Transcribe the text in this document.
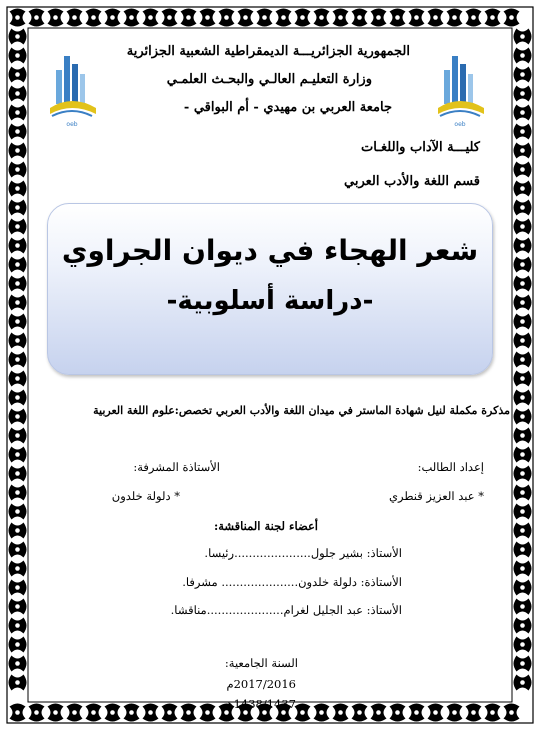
oeb	oeb
الجمهورية الجزائريـــة الديمقراطية الشعبية الجزائرية
وزارة التعليـم العالـي والبحـث العلمـي
جامعة العربي بن مهيدي - أم البواقي -
كليـــة الآداب واللغـات
قسم اللغة والأدب العربي
شعر الهجاء في ديوان الجراوي
-دراسة أسلوبية-
مذكرة مكملة لنيل شهادة الماستر في ميدان اللغة والأدب العربي تخصص:علوم اللغة العربية
إعداد الطالب:
الأستاذة المشرفة:
* عبد العزيز قنطري
* دلولة خلدون
أعضاء لجنة المناقشة:
الأستاذ: بشير جلول.....................رئيسا.
الأستاذة: دلولة خلدون..................... مشرفا.
الأستاذ: عبد الجليل لغرام.....................مناقشا.
السنة الجامعية:
2017/2016م
1438/1437هـ
